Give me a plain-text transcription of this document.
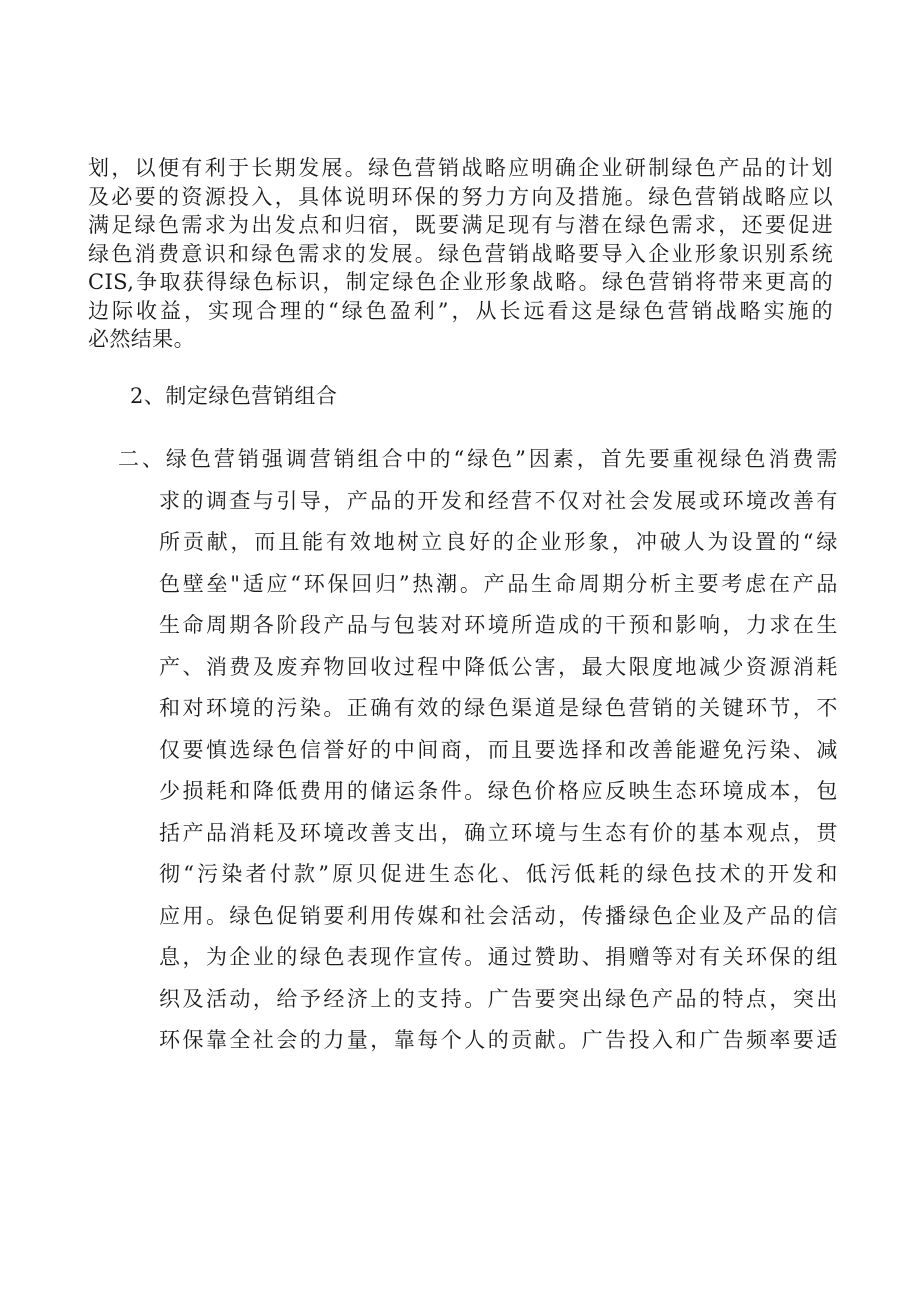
划，以便有利于长期发展。绿色营销战略应明确企业研制绿色产品的计划
及必要的资源投入，具体说明环保的努力方向及措施。绿色营销战略应以
满足绿色需求为出发点和归宿，既要满足现有与潜在绿色需求，还要促进
绿色消费意识和绿色需求的发展。绿色营销战略要导入企业形象识别系统
CIS,争取获得绿色标识，制定绿色企业形象战略。绿色营销将带来更高的
边际收益，实现合理的“绿色盈利”，从长远看这是绿色营销战略实施的
必然结果。

2、制定绿色营销组合
二、绿色营销强调营销组合中的“绿色”因素，首先要重视绿色消费需
求的调查与引导，产品的开发和经营不仅对社会发展或环境改善有
所贡献，而且能有效地树立良好的企业形象，冲破人为设置的“绿
色壁垒"适应“环保回归”热潮。产品生命周期分析主要考虑在产品
生命周期各阶段产品与包装对环境所造成的干预和影响，力求在生
产、消费及废弃物回收过程中降低公害，最大限度地减少资源消耗
和对环境的污染。正确有效的绿色渠道是绿色营销的关键环节，不
仅要慎选绿色信誉好的中间商，而且要选择和改善能避免污染、减
少损耗和降低费用的储运条件。绿色价格应反映生态环境成本，包
括产品消耗及环境改善支出，确立环境与生态有价的基本观点，贯
彻“污染者付款”原贝促进生态化、低污低耗的绿色技术的开发和
应用。绿色促销要利用传媒和社会活动，传播绿色企业及产品的信
息，为企业的绿色表现作宣传。通过赞助、捐赠等对有关环保的组
织及活动，给予经济上的支持。广告要突出绿色产品的特点，突出
环保靠全社会的力量，靠每个人的贡献。广告投入和广告频率要适
